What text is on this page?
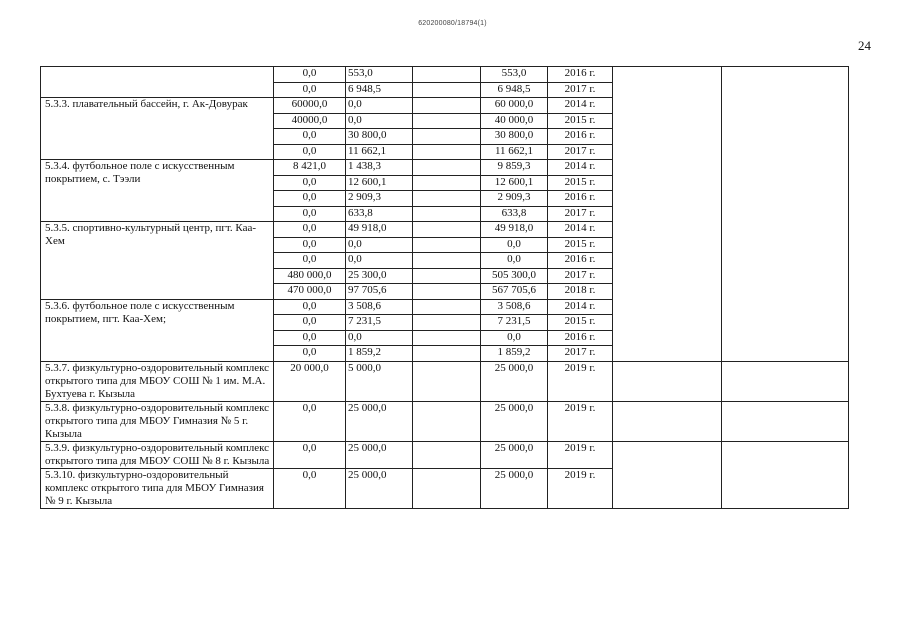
620200080/18794(1)
24
	0,0	553,0		553,0	2016 г.		
	0,0	6 948,5		6 948,5	2017 г.		
5.3.3. плавательный бассейн, г. Ак-Довурак	60000,0	0,0		60 000,0	2014 г.		
	40000,0	0,0		40 000,0	2015 г.		
	0,0	30 800,0		30 800,0	2016 г.		
	0,0	11 662,1		11 662,1	2017 г.		
5.3.4. футбольное поле с искусственным покрытием, с. Тээли	8 421,0	1 438,3		9 859,3	2014 г.		
	0,0	12 600,1		12 600,1	2015 г.		
	0,0	2 909,3		2 909,3	2016 г.		
	0,0	633,8		633,8	2017 г.		
5.3.5. спортивно-культурный центр, пгт. Каа-Хем	0,0	49 918,0		49 918,0	2014 г.		
	0,0	0,0		0,0	2015 г.		
	0,0	0,0		0,0	2016 г.		
	480 000,0	25 300,0		505 300,0	2017 г.		
	470 000,0	97 705,6		567 705,6	2018 г.		
5.3.6. футбольное поле с искусственным покрытием, пгт. Каа-Хем;	0,0	3 508,6		3 508,6	2014 г.		
	0,0	7 231,5		7 231,5	2015 г.		
	0,0	0,0		0,0	2016 г.		
	0,0	1 859,2		1 859,2	2017 г.		
5.3.7. физкультурно-оздоровительный комплекс открытого типа для МБОУ СОШ № 1 им. М.А. Бухтуева г. Кызыла	20 000,0	5 000,0		25 000,0	2019 г.		
5.3.8. физкультурно-оздоровительный комплекс открытого типа для МБОУ Гимназия № 5 г. Кызыла	0,0	25 000,0		25 000,0	2019 г.		
5.3.9. физкультурно-оздоровительный комплекс открытого типа для МБОУ СОШ № 8 г. Кызыла	0,0	25 000,0		25 000,0	2019 г.		
5.3.10. физкультурно-оздоровительный комплекс открытого типа для МБОУ Гимназия № 9 г. Кызыла	0,0	25 000,0		25 000,0	2019 г.		
